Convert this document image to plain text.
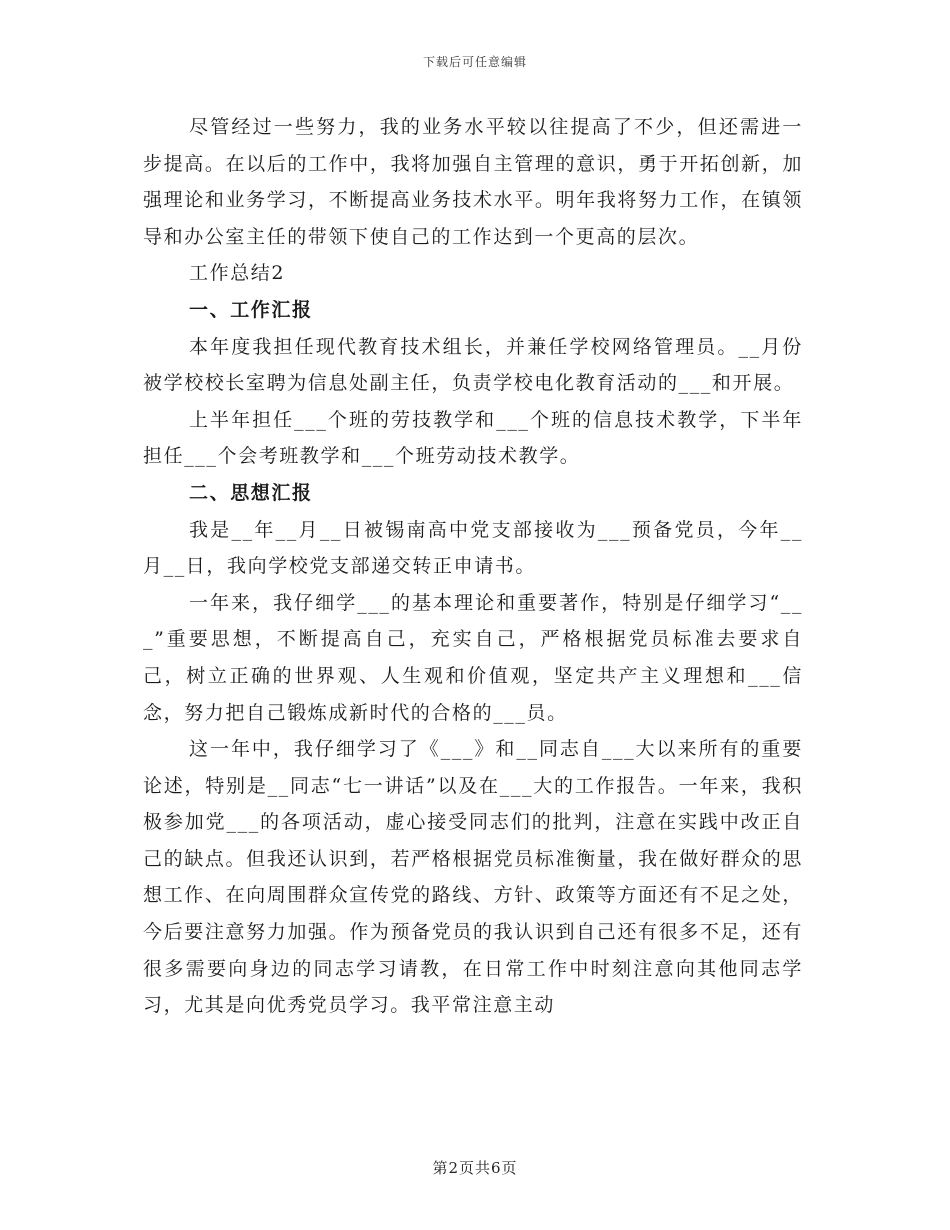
下载后可任意编辑

尽管经过一些努力，我的业务水平较以往提高了不少，但还需进一步提高。在以后的工作中，我将加强自主管理的意识，勇于开拓创新，加强理论和业务学习，不断提高业务技术水平。明年我将努力工作，在镇领导和办公室主任的带领下使自己的工作达到一个更高的层次。

工作总结2

一、工作汇报

本年度我担任现代教育技术组长，并兼任学校网络管理员。__月份被学校校长室聘为信息处副主任，负责学校电化教育活动的___和开展。

上半年担任___个班的劳技教学和___个班的信息技术教学，下半年担任___个会考班教学和___个班劳动技术教学。

二、思想汇报

我是__年__月__日被锡南高中党支部接收为___预备党员，今年__月__日，我向学校党支部递交转正申请书。

一年来，我仔细学___的基本理论和重要著作，特别是仔细学习“___”重要思想，不断提高自己，充实自己，严格根据党员标准去要求自己，树立正确的世界观、人生观和价值观，坚定共产主义理想和___信念，努力把自己锻炼成新时代的合格的___员。

这一年中，我仔细学习了《___》和__同志自___大以来所有的重要论述，特别是__同志“七一讲话”以及在___大的工作报告。一年来，我积极参加党___的各项活动，虚心接受同志们的批判，注意在实践中改正自己的缺点。但我还认识到，若严格根据党员标准衡量，我在做好群众的思想工作、在向周围群众宣传党的路线、方针、政策等方面还有不足之处，今后要注意努力加强。作为预备党员的我认识到自己还有很多不足，还有很多需要向身边的同志学习请教，在日常工作中时刻注意向其他同志学习，尤其是向优秀党员学习。我平常注意主动

第2页共6页
